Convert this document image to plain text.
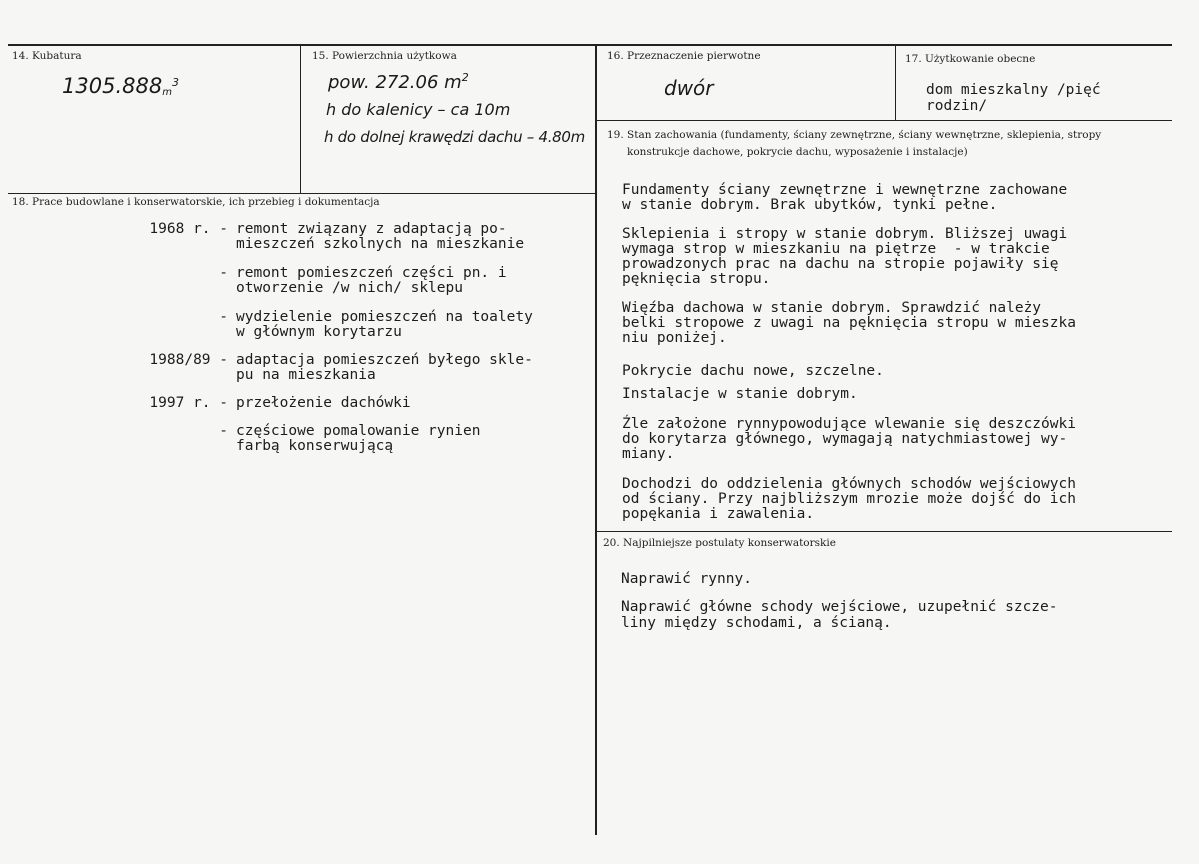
14. Kubatura
$1305.888m^3$
15. Powierzchnia użytkowa
pow. 272.06 $m^2$
h do kalenicy – ca 10m
h do dolnej krawędzi dachu – 4.80m
16. Przeznaczenie pierwotne
dwór
17. Użytkowanie obecne
dom mieszkalny /pięć
rodzin/
18. Prace budowlane i konserwatorskie, ich przebieg i dokumentacja
1968 r. - remont związany z adaptacją po-
mieszczeń szkolnych na mieszkanie
- remont pomieszczeń części pn. i
otworzenie /w nich/ sklepu
- wydzielenie pomieszczeń na toalety
w głównym korytarzu
1988/89 - adaptacja pomieszczeń byłego skle-
pu na mieszkania
1997 r. - przełożenie dachówki
- częściowe pomalowanie rynien
farbą konserwującą
19. Stan zachowania (fundamenty, ściany zewnętrzne, ściany wewnętrzne, sklepienia, stropy
konstrukcje dachowe, pokrycie dachu, wyposażenie i instalacje)
Fundamenty ściany zewnętrzne i wewnętrzne zachowane
w stanie dobrym. Brak ubytków, tynki pełne.
Sklepienia i stropy w stanie dobrym. Bliższej uwagi
wymaga strop w mieszkaniu na piętrze  - w trakcie
prowadzonych prac na dachu na stropie pojawiły się
pęknięcia stropu.
Więźba dachowa w stanie dobrym. Sprawdzić należy
belki stropowe z uwagi na pęknięcia stropu w mieszka
niu poniżej.
Pokrycie dachu nowe, szczelne.
Instalacje w stanie dobrym.
Źle założone rynnypowodujące wlewanie się deszczówki
do korytarza głównego, wymagają natychmiastowej wy-
miany.
Dochodzi do oddzielenia głównych schodów wejściowych
od ściany. Przy najbliższym mrozie może dojść do ich
popękania i zawalenia.
20. Najpilniejsze postulaty konserwatorskie
Naprawić rynny.
Naprawić główne schody wejściowe, uzupełnić szcze-
liny między schodami, a ścianą.
